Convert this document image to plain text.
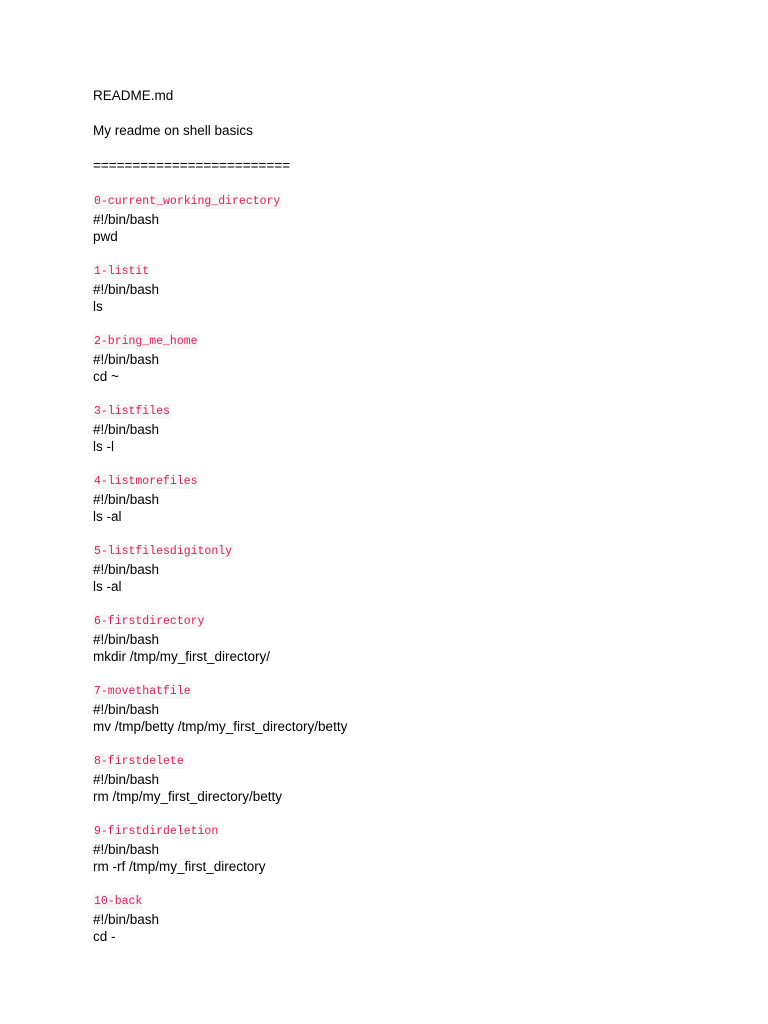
README.md
My readme on shell basics
=========================
0-current_working_directory
#!/bin/bash
pwd
1-listit
#!/bin/bash
ls
2-bring_me_home
#!/bin/bash
cd ~
3-listfiles
#!/bin/bash
ls -l
4-listmorefiles
#!/bin/bash
ls -al
5-listfilesdigitonly
#!/bin/bash
ls -al
6-firstdirectory
#!/bin/bash
mkdir /tmp/my_first_directory/
7-movethatfile
#!/bin/bash
mv /tmp/betty /tmp/my_first_directory/betty
8-firstdelete
#!/bin/bash
rm /tmp/my_first_directory/betty
9-firstdirdeletion
#!/bin/bash
rm -rf /tmp/my_first_directory
10-back
#!/bin/bash
cd -
